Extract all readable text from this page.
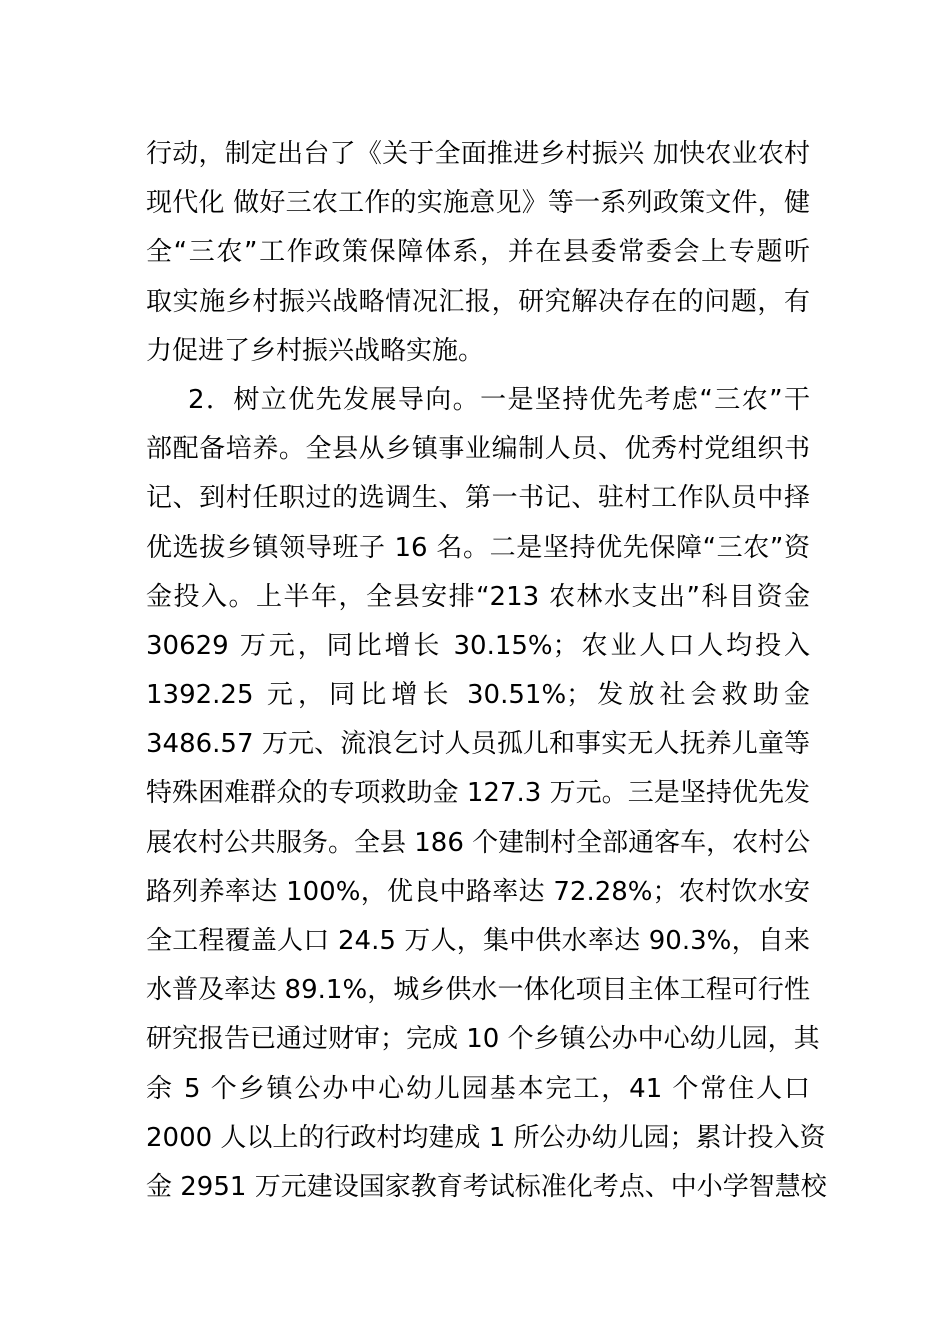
行动，制定出台了《关于全面推进乡村振兴 加快农业农村
现代化 做好三农工作的实施意见》等一系列政策文件，健
全“三农”工作政策保障体系，并在县委常委会上专题听
取实施乡村振兴战略情况汇报，研究解决存在的问题，有
力促进了乡村振兴战略实施。
2．树立优先发展导向。一是坚持优先考虑“三农”干
部配备培养。全县从乡镇事业编制人员、优秀村党组织书
记、到村任职过的选调生、第一书记、驻村工作队员中择
优选拔乡镇领导班子 16 名。二是坚持优先保障“三农”资
金投入。上半年，全县安排“213 农林水支出”科目资金
30629 万元，同比增长 30.15%；农业人口人均投入
1392.25 元，同比增长 30.51%；发放社会救助金
3486.57 万元、流浪乞讨人员孤儿和事实无人抚养儿童等
特殊困难群众的专项救助金 127.3 万元。三是坚持优先发
展农村公共服务。全县 186 个建制村全部通客车，农村公
路列养率达 100%，优良中路率达 72.28%；农村饮水安
全工程覆盖人口 24.5 万人，集中供水率达 90.3%，自来
水普及率达 89.1%，城乡供水一体化项目主体工程可行性
研究报告已通过财审；完成 10 个乡镇公办中心幼儿园，其
余 5 个乡镇公办中心幼儿园基本完工，41 个常住人口
2000 人以上的行政村均建成 1 所公办幼儿园；累计投入资
金 2951 万元建设国家教育考试标准化考点、中小学智慧校
